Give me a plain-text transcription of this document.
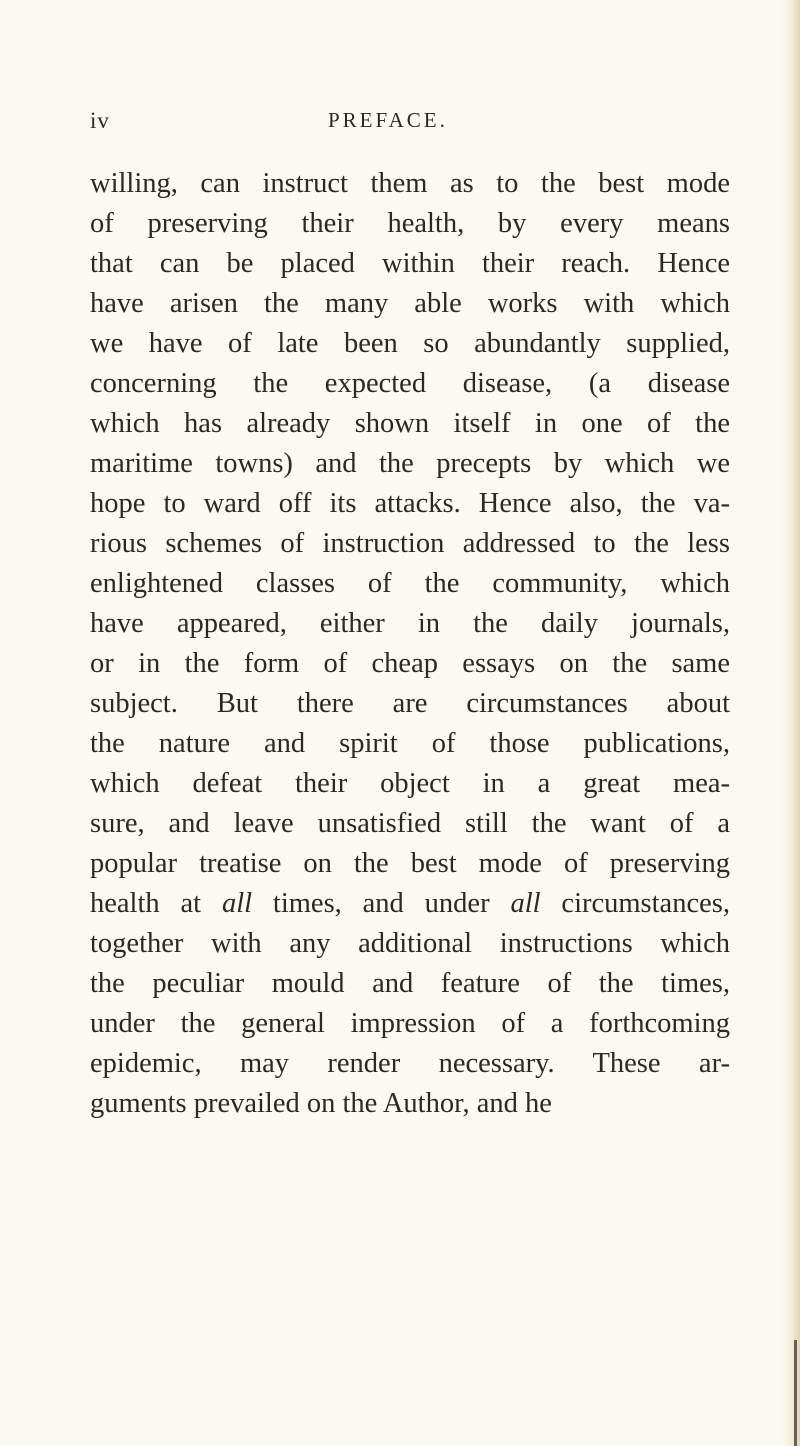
iv	PREFACE.
willing, can instruct them as to the best mode
of preserving their health, by every means
that can be placed within their reach. Hence
have arisen the many able works with which
we have of late been so abundantly supplied,
concerning the expected disease, (a disease
which has already shown itself in one of the
maritime towns) and the precepts by which we
hope to ward off its attacks. Hence also, the va-
rious schemes of instruction addressed to the less
enlightened classes of the community, which
have appeared, either in the daily journals,
or in the form of cheap essays on the same
subject. But there are circumstances about
the nature and spirit of those publications,
which defeat their object in a great mea-
sure, and leave unsatisfied still the want of a
popular treatise on the best mode of preserving
health at all times, and under all circumstances,
together with any additional instructions which
the peculiar mould and feature of the times,
under the general impression of a forthcoming
epidemic, may render necessary. These ar-
guments prevailed on the Author, and he
